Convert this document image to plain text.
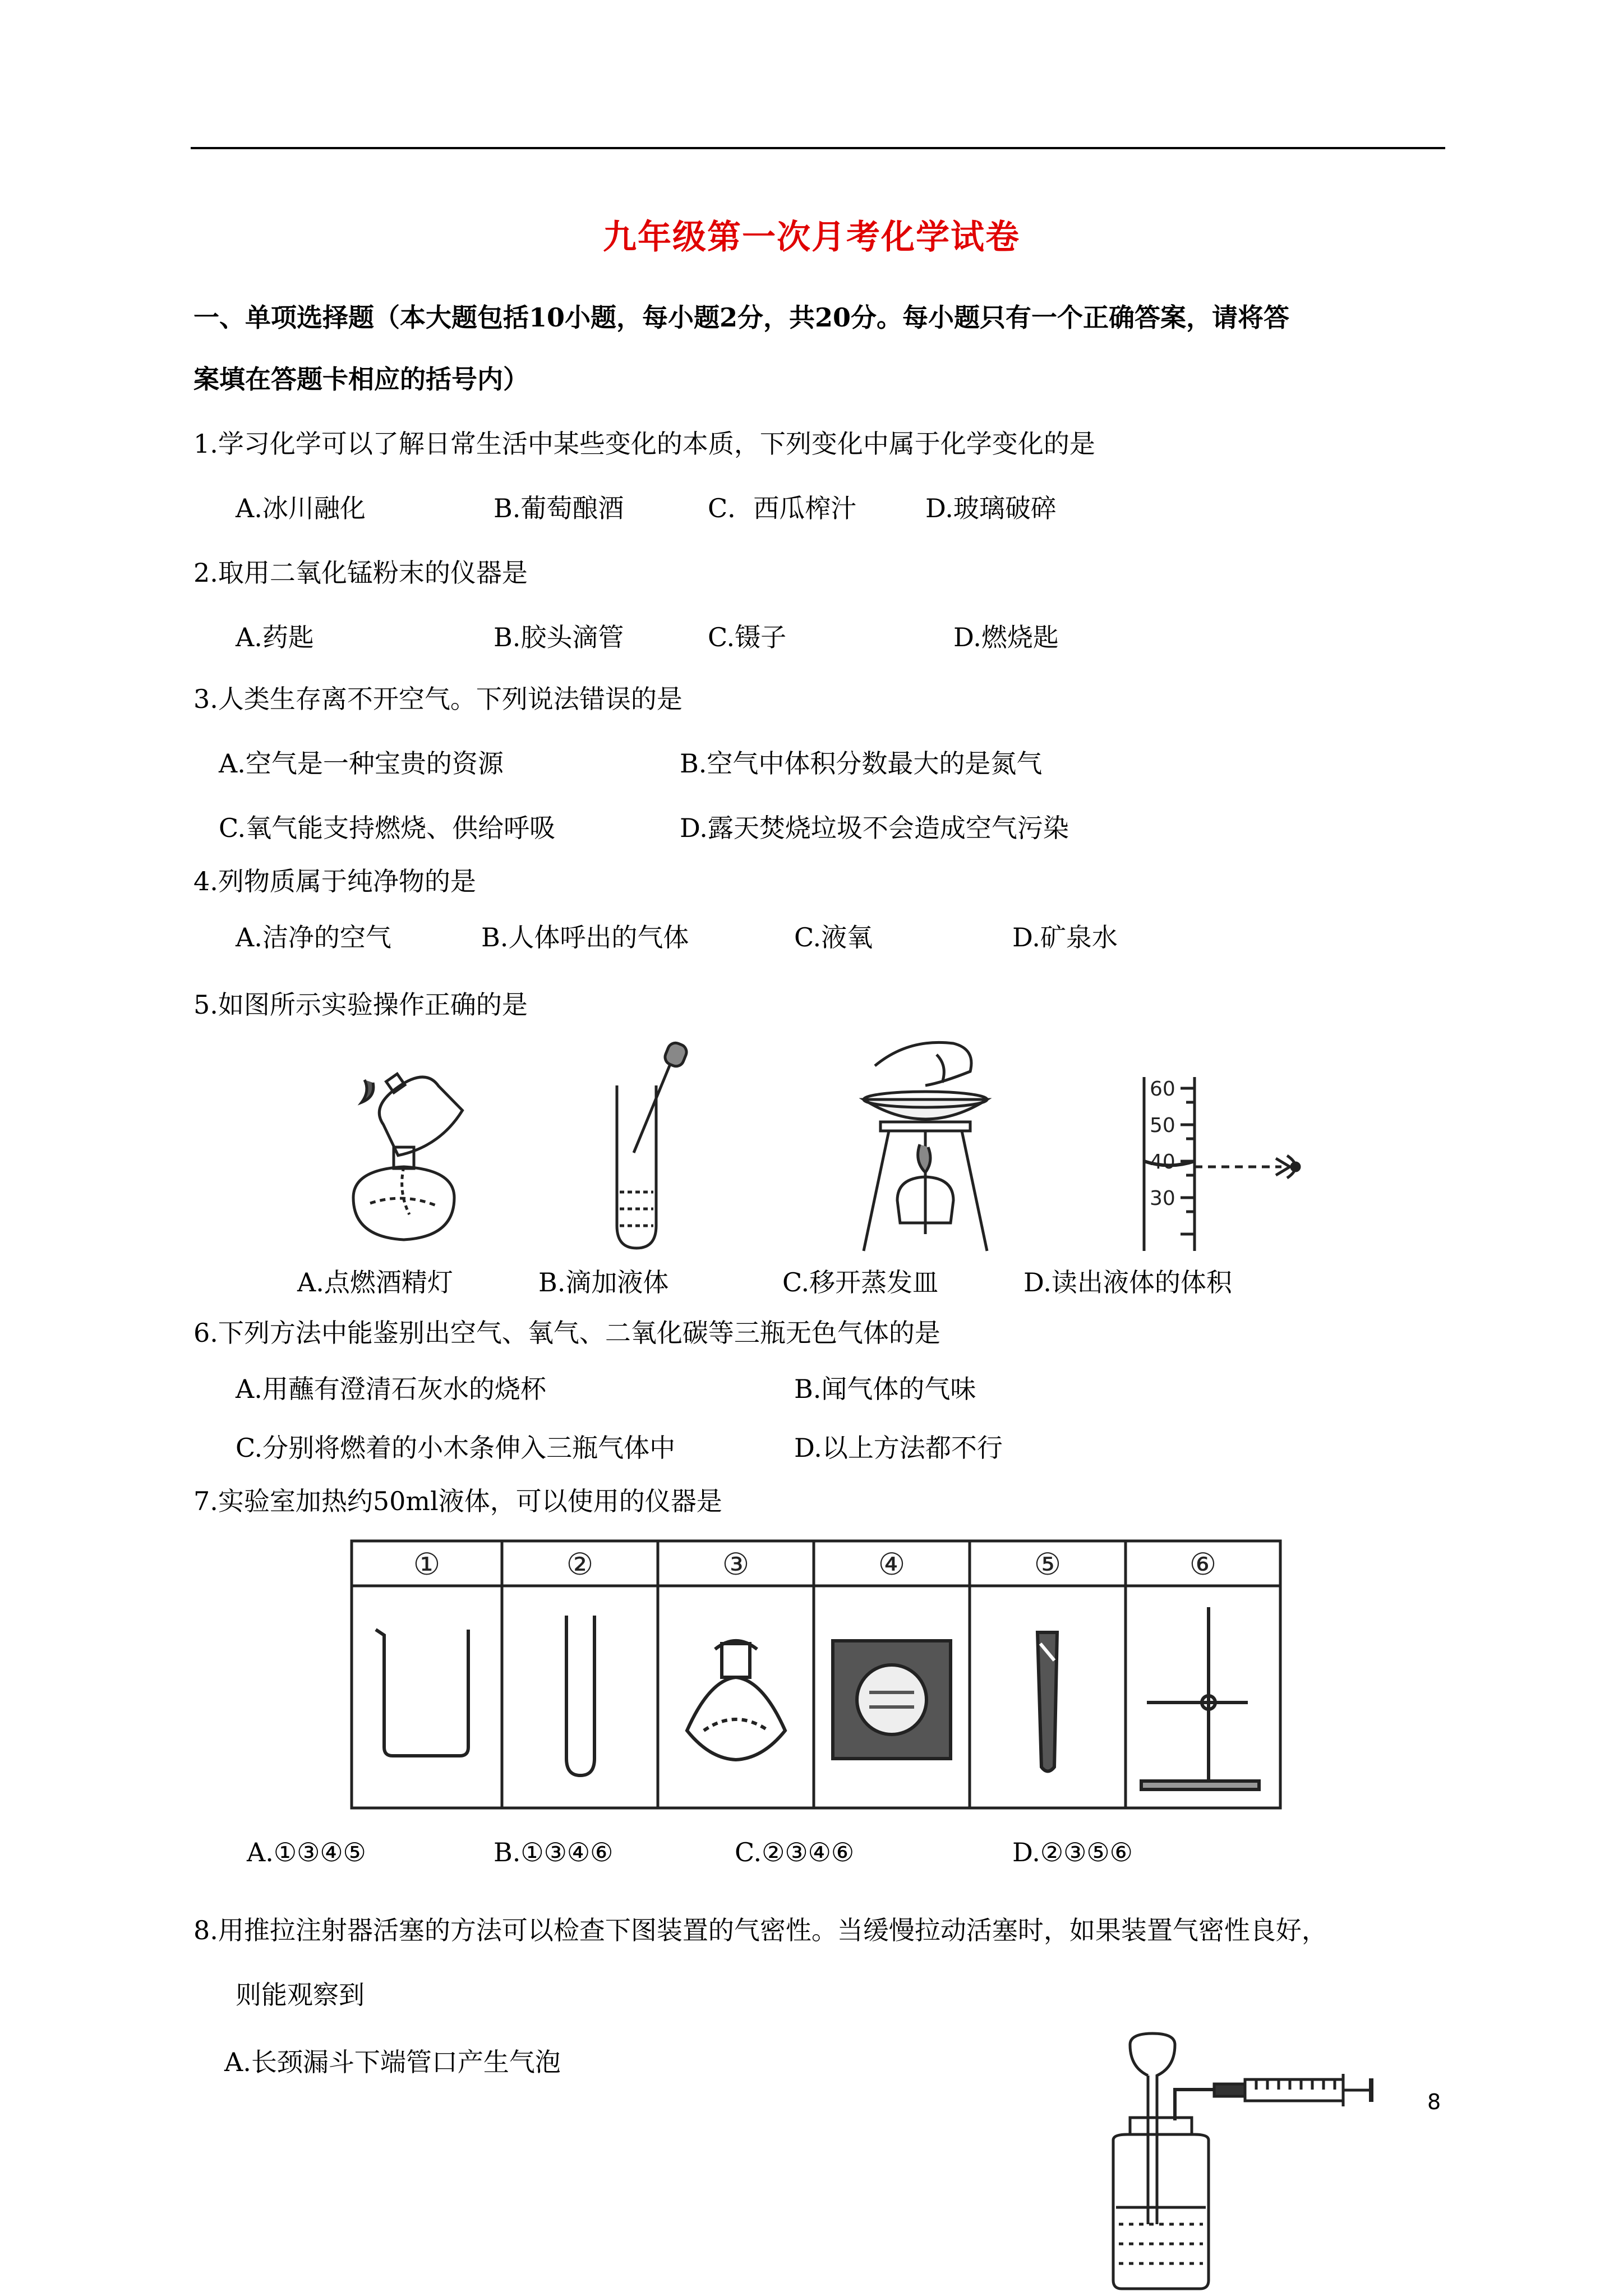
九年级第一次月考化学试卷
一、单项选择题（本大题包括10小题，每小题2分，共20分。每小题只有一个正确答案，请将答
案填在答题卡相应的括号内）
1.学习化学可以了解日常生活中某些变化的本质，下列变化中属于化学变化的是
A.冰川融化	B.葡萄酿酒	C．西瓜榨汁	D.玻璃破碎
2.取用二氧化锰粉末的仪器是
A.药匙	B.胶头滴管	C.镊子	D.燃烧匙
3.人类生存离不开空气。下列说法错误的是
A.空气是一种宝贵的资源	B.空气中体积分数最大的是氮气
C.氧气能支持燃烧、供给呼吸	D.露天焚烧垃圾不会造成空气污染
4.列物质属于纯净物的是
A.洁净的空气	B.人体呼出的气体	C.液氧	D.矿泉水
5.如图所示实验操作正确的是
A.点燃酒精灯	B.滴加液体	C.移开蒸发皿
60
50
40
30
D.读出液体的体积
6.下列方法中能鉴别出空气、氧气、二氧化碳等三瓶无色气体的是
A.用蘸有澄清石灰水的烧杯	B.闻气体的气味
C.分别将燃着的小木条伸入三瓶气体中	D.以上方法都不行
7.实验室加热约50ml液体，可以使用的仪器是
①	②	③	④	⑤	⑥
A.①③④⑤	B.①③④⑥	C.②③④⑥	D.②③⑤⑥
8.用推拉注射器活塞的方法可以检查下图装置的气密性。当缓慢拉动活塞时，如果装置气密性良好，
则能观察到
A.长颈漏斗下端管口产生气泡
8
